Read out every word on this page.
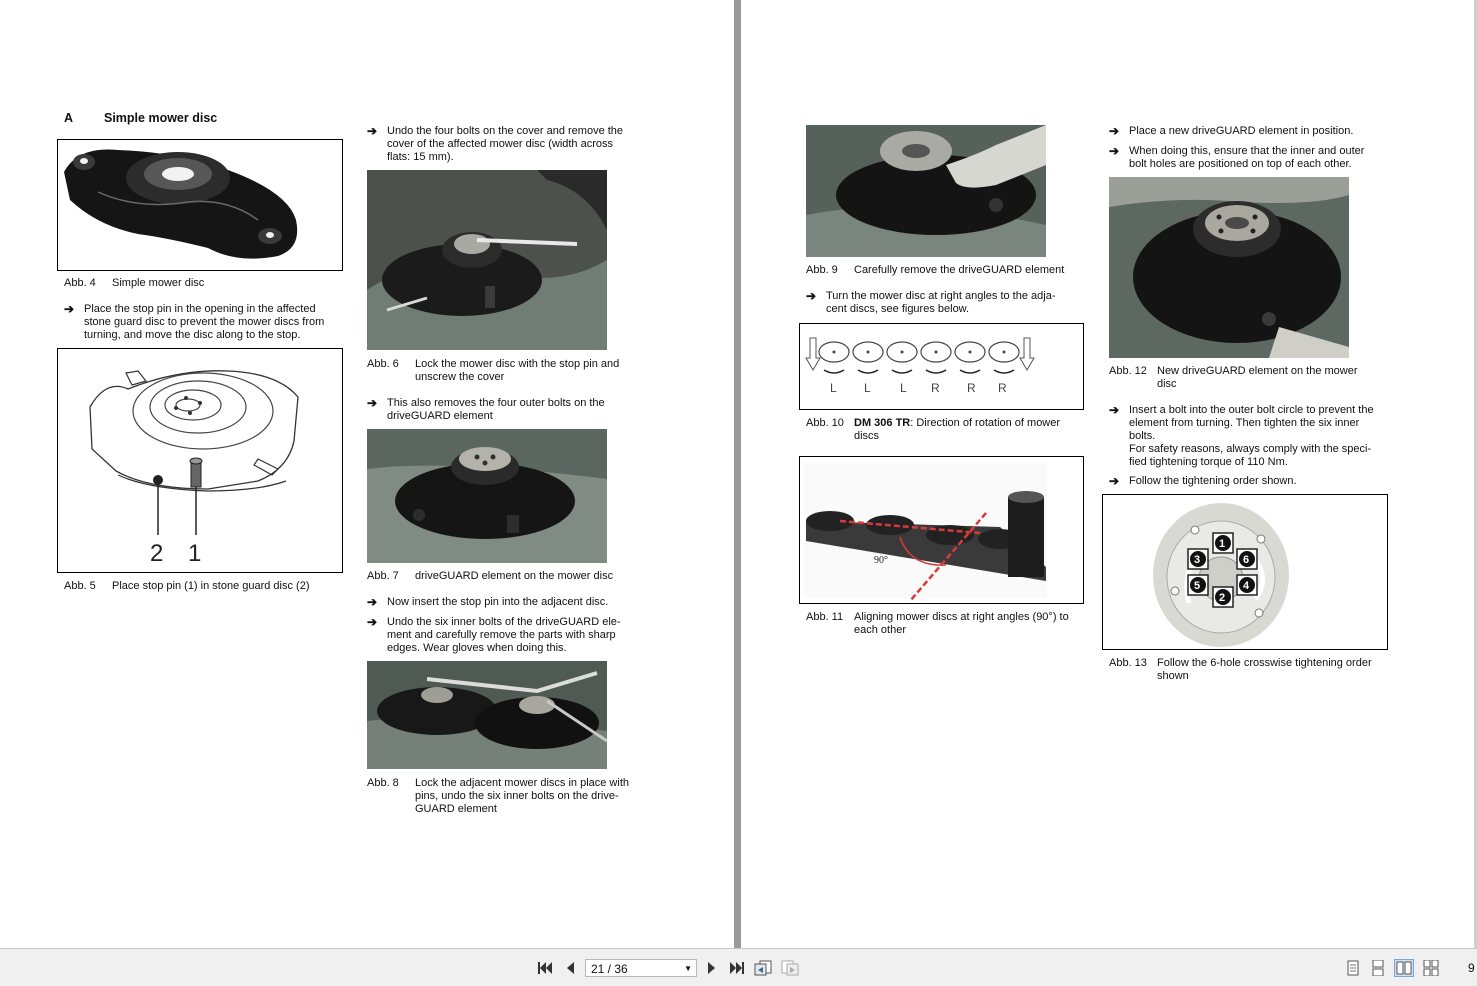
A Simple mower disc
Abb. 4	Simple mower disc
➔ Place the stop pin in the opening in the affected
stone guard disc to prevent the mower discs from
turning, and move the disc along to the stop.
2 1
Abb. 5	Place stop pin (1) in stone guard disc (2)
➔ Undo the four bolts on the cover and remove the
cover of the affected mower disc (width across
flats: 15 mm).
Abb. 6	Lock the mower disc with the stop pin and
unscrew the cover
➔ This also removes the four outer bolts on the
driveGUARD element
Abb. 7	driveGUARD element on the mower disc
➔ Now insert the stop pin into the adjacent disc.
➔ Undo the six inner bolts of the driveGUARD ele-
ment and carefully remove the parts with sharp
edges. Wear gloves when doing this.
Abb. 8	Lock the adjacent mower discs in place with
pins, undo the six inner bolts on the drive-
GUARD element
Abb. 9	Carefully remove the driveGUARD element
➔ Turn the mower disc at right angles to the adja-
cent discs, see figures below.
L L L R R R
Abb. 10 DM 306 TR: Direction of rotation of mower
discs
90°
Abb. 11 Aligning mower discs at right angles (90°) to
each other
➔ Place a new driveGUARD element in position.
➔ When doing this, ensure that the inner and outer
bolt holes are positioned on top of each other.
Abb. 12 New driveGUARD element on the mower
disc
➔ Insert a bolt into the outer bolt circle to prevent the
element from turning. Then tighten the six inner
bolts.
For safety reasons, always comply with the speci-
fied tightening torque of 110 Nm.
➔ Follow the tightening order shown.
1
3	6
5	4
2
Abb. 13 Follow the 6-hole crosswise tightening order
shown
21 / 36	▼	9
